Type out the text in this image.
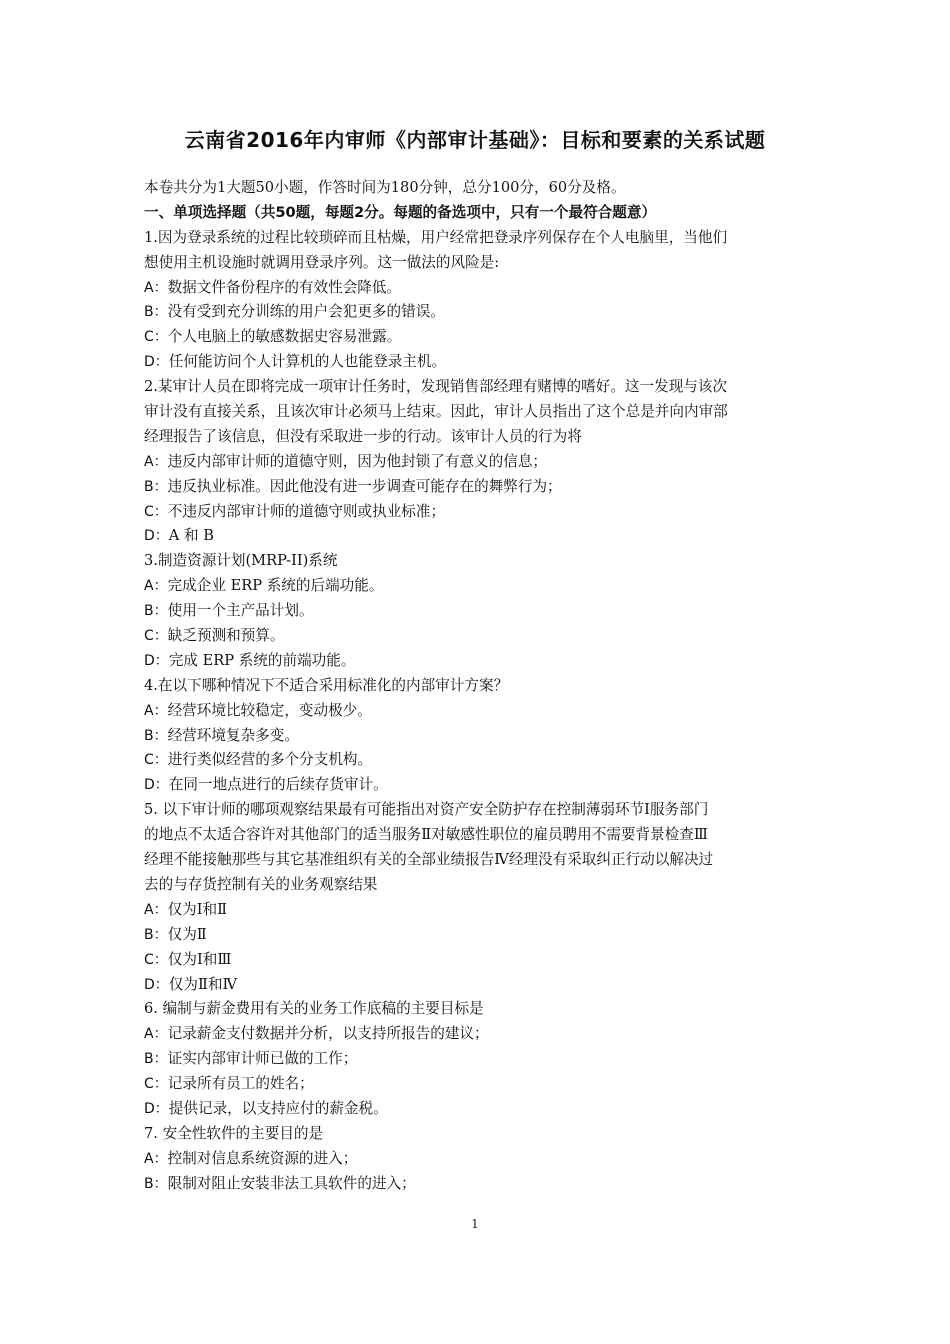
云南省2016年内审师《内部审计基础》：目标和要素的关系试题
本卷共分为1大题50小题，作答时间为180分钟，总分100分，60分及格。
一、单项选择题（共50题，每题2分。每题的备选项中，只有一个最符合题意）
1.因为登录系统的过程比较琐碎而且枯燥，用户经常把登录序列保存在个人电脑里，当他们
想使用主机设施时就调用登录序列。这一做法的风险是:
A：数据文件备份程序的有效性会降低。
B：没有受到充分训练的用户会犯更多的错误。
C：个人电脑上的敏感数据史容易泄露。
D：任何能访问个人计算机的人也能登录主机。
2.某审计人员在即将完成一项审计任务时，发现销售部经理有赌博的嗜好。这一发现与该次
审计没有直接关系，且该次审计必须马上结束。因此，审计人员指出了这个总是并向内审部
经理报告了该信息，但没有采取进一步的行动。该审计人员的行为将
A：违反内部审计师的道德守则，因为他封锁了有意义的信息；
B：违反执业标准。因此他没有进一步调查可能存在的舞弊行为；
C：不违反内部审计师的道德守则或执业标准；
D：A 和 B
3.制造资源计划(MRP-II)系统
A：完成企业 ERP 系统的后端功能。
B：使用一个主产品计划。
C：缺乏预测和预算。
D：完成 ERP 系统的前端功能。
4.在以下哪种情况下不适合采用标准化的内部审计方案？
A：经营环境比较稳定，变动极少。
B：经营环境复杂多变。
C：进行类似经营的多个分支机构。
D：在同一地点进行的后续存货审计。
5. 以下审计师的哪项观察结果最有可能指出对资产安全防护存在控制薄弱环节Ⅰ服务部门
的地点不太适合容许对其他部门的适当服务Ⅱ对敏感性职位的雇员聘用不需要背景检查Ⅲ
经理不能接触那些与其它基准组织有关的全部业绩报告Ⅳ经理没有采取纠正行动以解决过
去的与存货控制有关的业务观察结果
A：仅为Ⅰ和Ⅱ
B：仅为Ⅱ
C：仅为Ⅰ和Ⅲ
D：仅为Ⅱ和Ⅳ
6. 编制与薪金费用有关的业务工作底稿的主要目标是
A：记录薪金支付数据并分析，以支持所报告的建议；
B：证实内部审计师已做的工作；
C：记录所有员工的姓名；
D：提供记录，以支持应付的薪金税。
7. 安全性软件的主要目的是
A：控制对信息系统资源的进入；
B：限制对阻止安装非法工具软件的进入；
1
